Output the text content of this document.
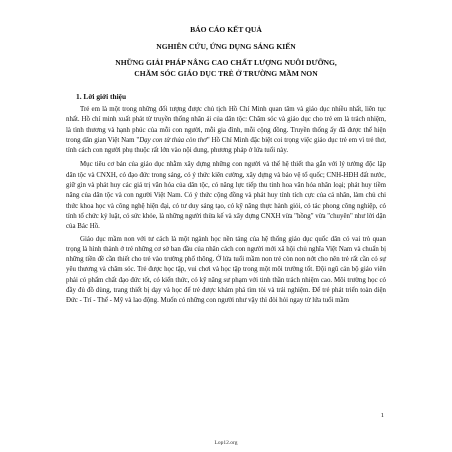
BÁO CÁO KẾT QUẢ
NGHIÊN CỨU, ỨNG DỤNG SÁNG KIẾN
NHỮNG GIẢI PHÁP NÂNG CAO CHẤT LƯỢNG NUÔI DƯỠNG,
CHĂM SÓC GIÁO DỤC TRẺ Ở TRƯỜNG MẦM NON
1. Lời giới thiệu

Trẻ em là một trong những đối tượng được chủ tịch Hồ Chí Minh quan tâm và giáo dục nhiều nhất, liên tục nhất. Hồ chí minh xuất phát từ truyền thống nhân ái của dân tộc: Chăm sóc và giáo dục cho trẻ em là trách nhiệm, là tình thương và hạnh phúc của mỗi con người, mỗi gia đình, mỗi cộng đồng. Truyền thống ấy đã được thể hiện trong dân gian Việt Nam "Dạy con từ thủa còn thơ" Hồ Chí Minh đặc biệt coi trọng việc giáo dục trẻ em vì trẻ thơ, tính cách con người phụ thuộc rất lớn vào nội dung, phương pháp ở lứa tuổi này.

Mục tiêu cơ bản của giáo dục nhằm xây dựng những con người và thế hệ thiết tha gắn với lý tưởng độc lập dân tộc và CNXH, có đạo đức trong sáng, có ý thức kiên cường, xây dựng và bảo vệ tổ quốc; CNH-HĐH đất nước, giữ gìn và phát huy các giá trị văn hóa của dân tộc, có năng lực tiếp thu tinh hoa văn hóa nhân loại; phát huy tiềm năng của dân tộc và con người Việt Nam. Có ý thức cộng đồng và phát huy tính tích cực của cá nhân, làm chủ chi thức khoa học và công nghệ hiện đại, có tư duy sáng tạo, có kỹ năng thực hành giỏi, có tác phong công nghiệp, có tính tổ chức kỷ luật, có sức khỏe, là những người thừa kế và xây dựng CNXH vừa "hồng" vừa "chuyên" như lời dặn của Bác Hồ.

Giáo dục mầm non với tư cách là một ngành học nền tảng của hệ thống giáo dục quốc dân có vai trò quan trọng là hình thành ở trẻ những cơ sở ban đầu của nhân cách con người mới xã hội chủ nghĩa Việt Nam và chuẩn bị những tiền đề cần thiết cho trẻ vào trường phổ thông. Ở lứa tuổi mầm non trẻ còn non nớt cho nên trẻ rất cần có sự yêu thương và chăm sóc. Trẻ được học tập, vui chơi và học tập trong một môi trường tốt. Đội ngũ cán bộ giáo viên phải có phẩm chất đạo đức tốt, có kiến thức, có kỹ năng sư phạm với tinh thần trách nhiệm cao. Môi trường học có đầy đủ đồ dùng, trang thiết bị dạy và học để trẻ được khám phá tìm tòi và trải nghiệm. Để trẻ phát triển toàn diện Đức - Trí - Thể - Mỹ và lao động. Muốn có những con người như vậy thì đòi hỏi ngay từ lứa tuổi mầm

1
Lop12.org
